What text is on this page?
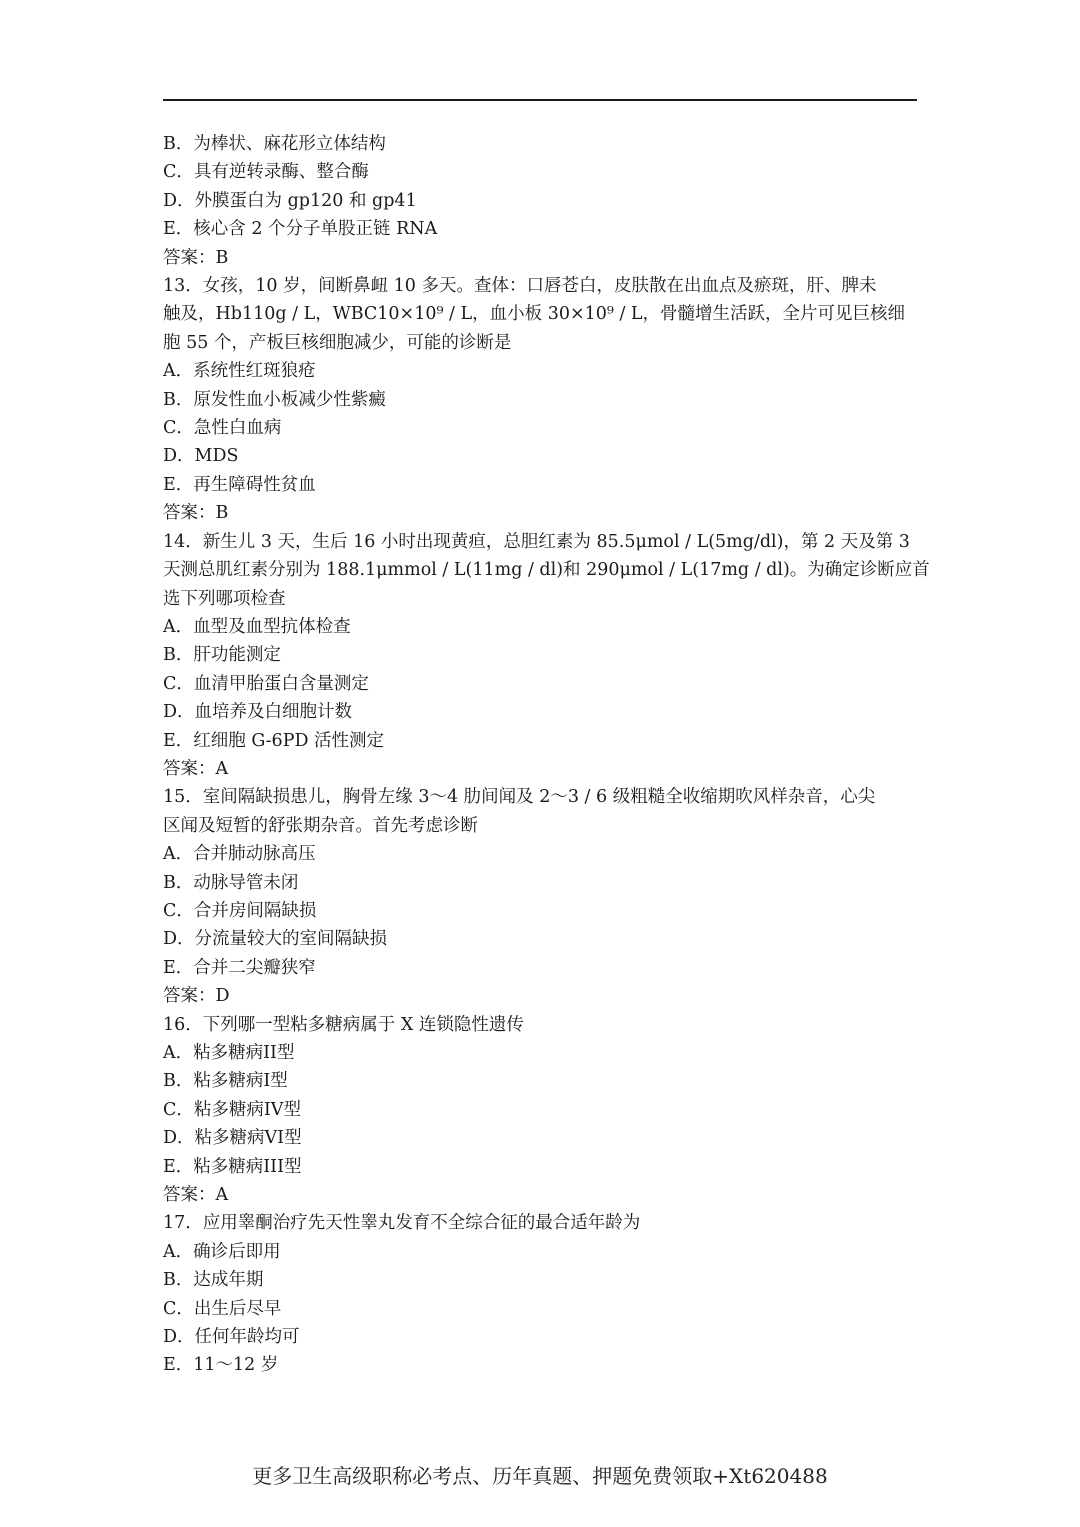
B．为棒状、麻花形立体结构
C．具有逆转录酶、整合酶
D．外膜蛋白为 gp120 和 gp41
E．核心含 2 个分子单股正链 RNA
答案：B
13．女孩，10 岁，间断鼻衄 10 多天。查体：口唇苍白，皮肤散在出血点及瘀斑，肝、脾未
触及，Hb110g / L，WBC10×10⁹ / L，血小板 30×10⁹ / L，骨髓增生活跃，全片可见巨核细
胞 55 个，产板巨核细胞减少，可能的诊断是
A．系统性红斑狼疮
B．原发性血小板减少性紫癜
C．急性白血病
D．MDS
E．再生障碍性贫血
答案：B
14．新生儿 3 天，生后 16 小时出现黄疸，总胆红素为 85.5μmol / L(5mg/dl)，第 2 天及第 3
天测总肌红素分别为 188.1μmmol / L(11mg / dl)和 290μmol / L(17mg / dl)。为确定诊断应首
选下列哪项检查
A．血型及血型抗体检查
B．肝功能测定
C．血清甲胎蛋白含量测定
D．血培养及白细胞计数
E．红细胞 G-6PD 活性测定
答案：A
15．室间隔缺损患儿，胸骨左缘 3～4 肋间闻及 2～3 / 6 级粗糙全收缩期吹风样杂音，心尖
区闻及短暂的舒张期杂音。首先考虑诊断
A．合并肺动脉高压
B．动脉导管未闭
C．合并房间隔缺损
D．分流量较大的室间隔缺损
E．合并二尖瓣狭窄
答案：D
16．下列哪一型粘多糖病属于 X 连锁隐性遗传
A．粘多糖病II型
B．粘多糖病I型
C．粘多糖病IV型
D．粘多糖病VI型
E．粘多糖病III型
答案：A
17．应用睾酮治疗先天性睾丸发育不全综合征的最合适年龄为
A．确诊后即用
B．达成年期
C．出生后尽早
D．任何年龄均可
E．11～12 岁
更多卫生高级职称必考点、历年真题、押题免费领取+Xt620488
